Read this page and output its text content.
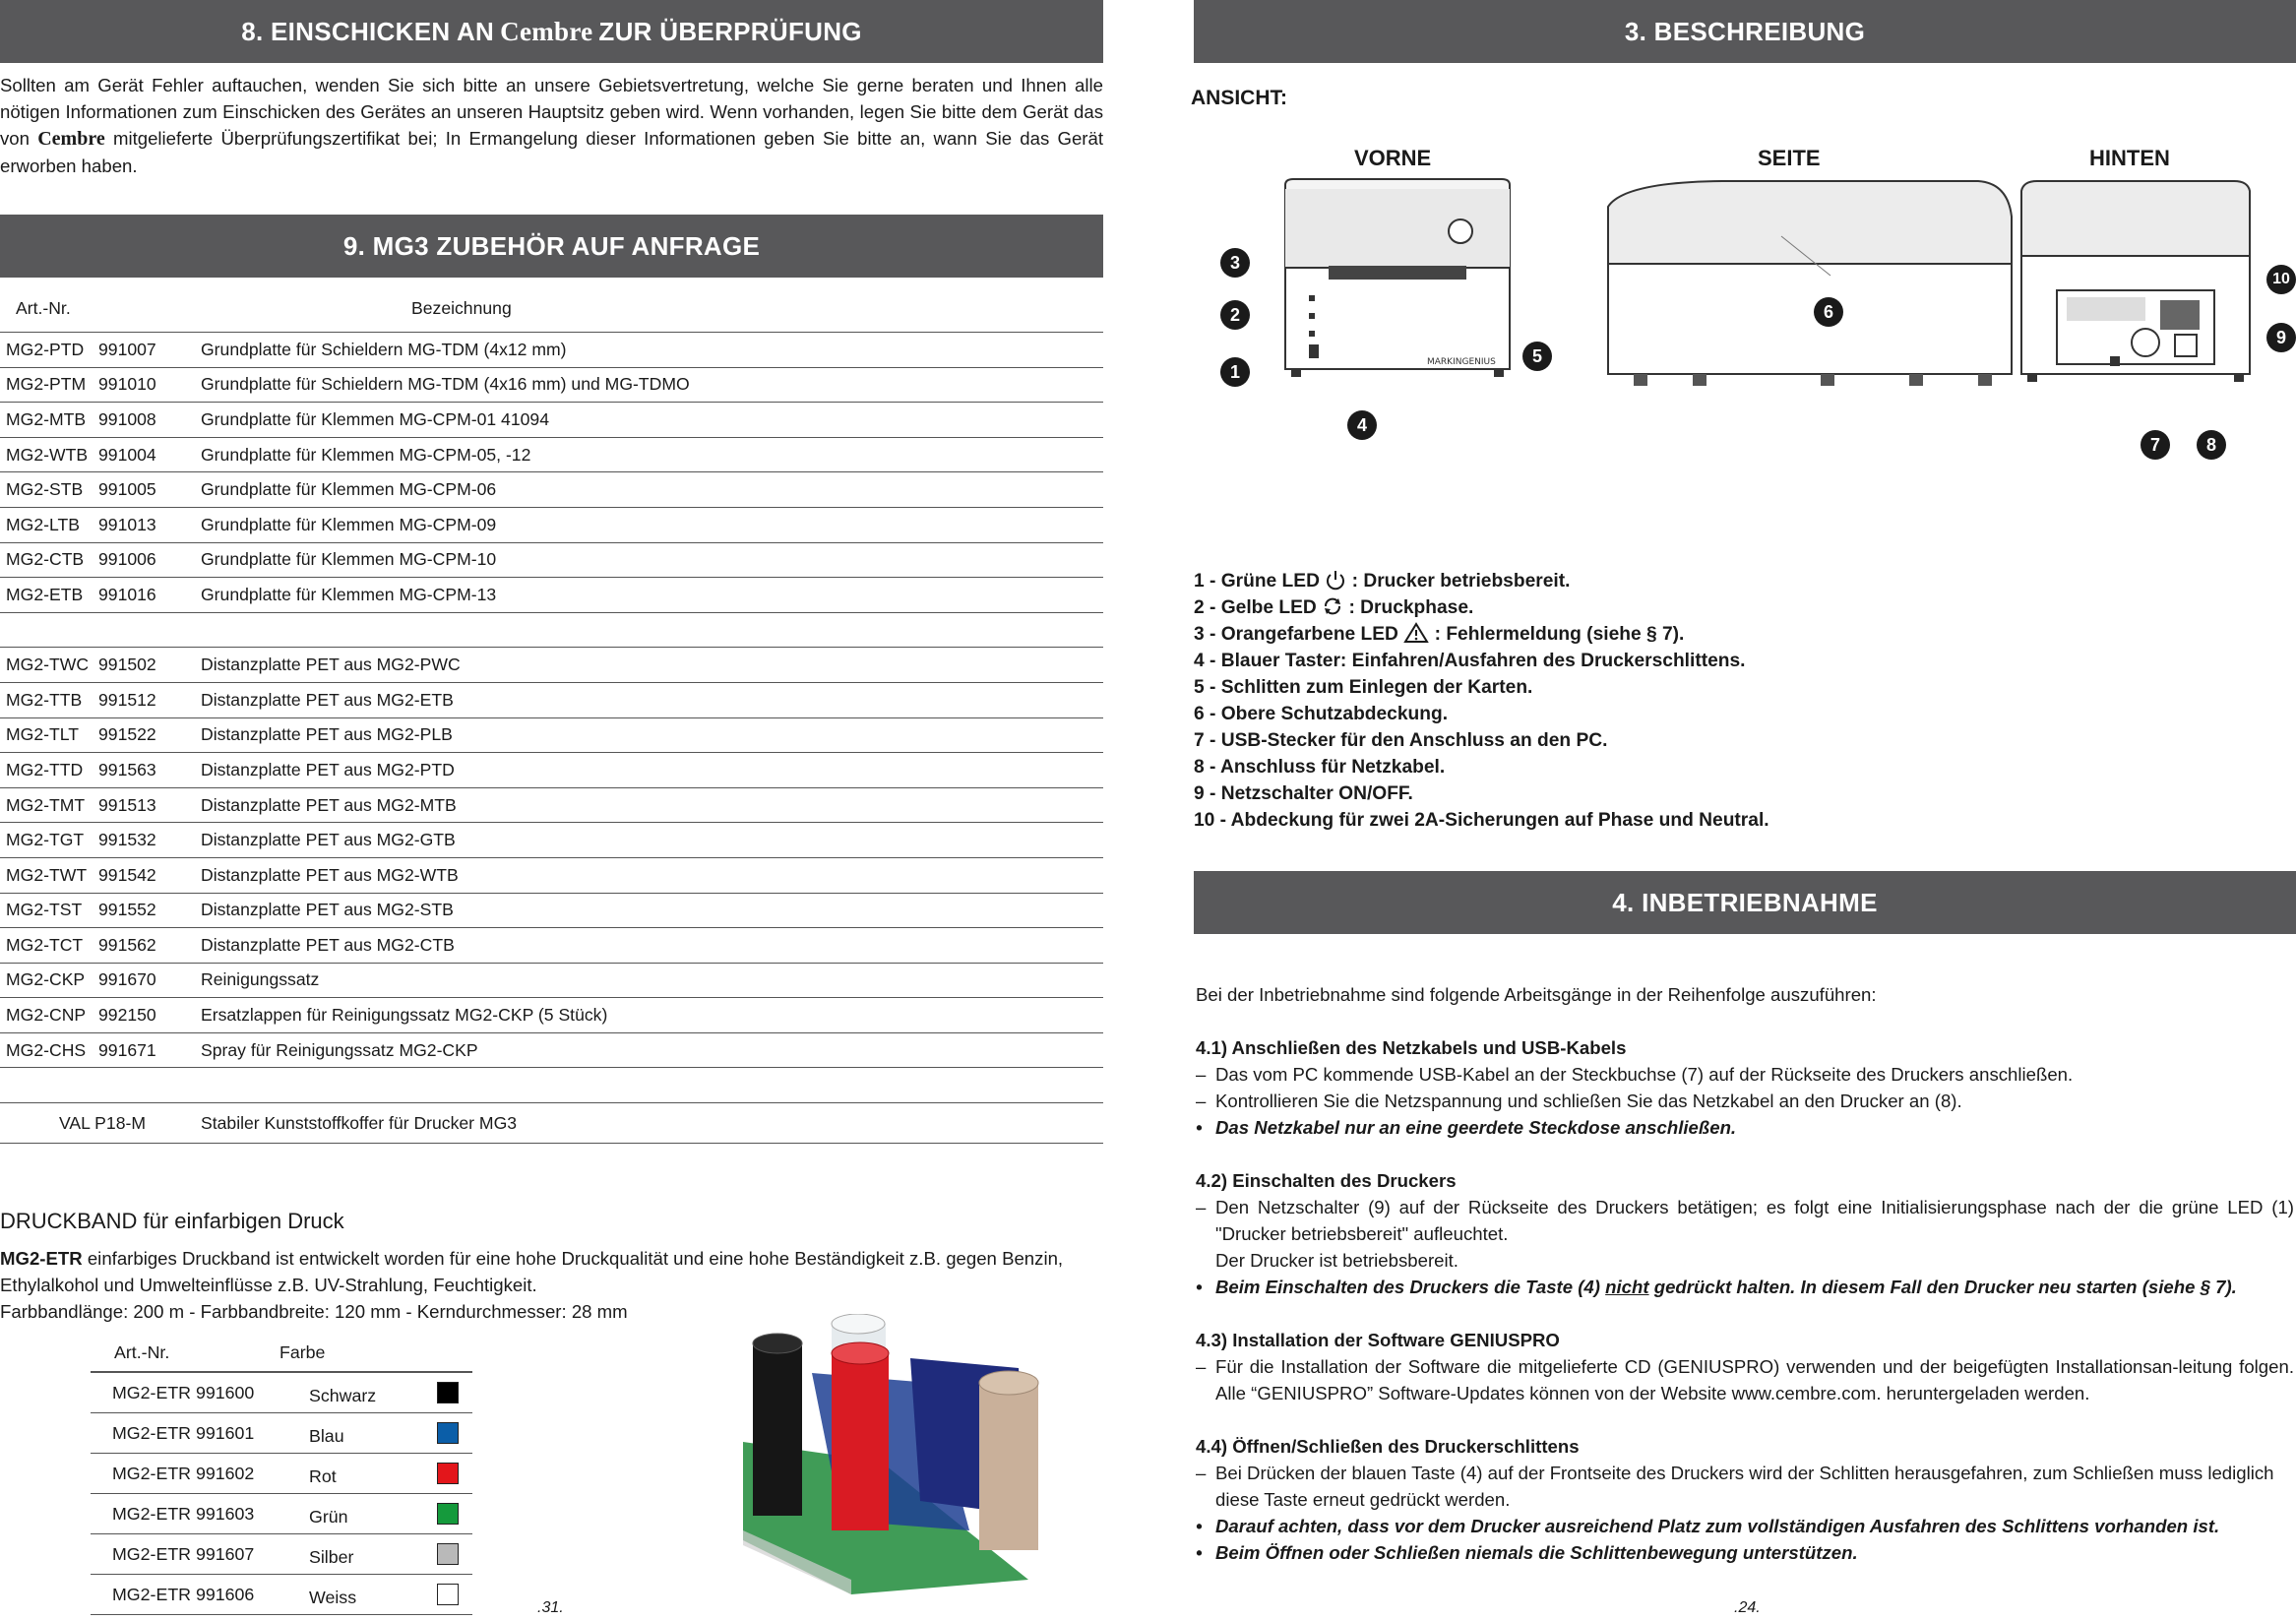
8. EINSCHICKEN AN Cembre ZUR ÜBERPRÜFUNG
Sollten am Gerät Fehler auftauchen, wenden Sie sich bitte an unsere Gebietsvertretung, welche Sie gerne beraten und Ihnen alle nötigen Informationen zum Einschicken des Gerätes an unseren Hauptsitz geben wird. Wenn vorhanden, legen Sie bitte dem Gerät das von Cembre mitgelieferte Überprüfungszertifikat bei; In Ermangelung dieser Informationen geben Sie bitte an, wann Sie das Gerät erworben haben.
9. MG3 ZUBEHÖR AUF ANFRAGE
Art.-Nr.	Bezeichnung
MG2-PTD 991007	Grundplatte für Schieldern MG-TDM (4x12 mm)
MG2-PTM 991010	Grundplatte für Schieldern MG-TDM (4x16 mm) und MG-TDMO
MG2-MTB 991008	Grundplatte für Klemmen MG-CPM-01 41094
MG2-WTB 991004	Grundplatte für Klemmen MG-CPM-05, -12
MG2-STB 991005	Grundplatte für Klemmen MG-CPM-06
MG2-LTB	991013	Grundplatte für Klemmen MG-CPM-09
MG2-CTB 991006	Grundplatte für Klemmen MG-CPM-10
MG2-ETB 991016	Grundplatte für Klemmen MG-CPM-13
MG2-TWC 991502	Distanzplatte PET aus MG2-PWC
MG2-TTB 991512	Distanzplatte PET aus MG2-ETB
MG2-TLT	991522	Distanzplatte PET aus MG2-PLB
MG2-TTD 991563	Distanzplatte PET aus MG2-PTD
MG2-TMT 991513	Distanzplatte PET aus MG2-MTB
MG2-TGT 991532	Distanzplatte PET aus MG2-GTB
MG2-TWT 991542	Distanzplatte PET aus MG2-WTB
MG2-TST 991552	Distanzplatte PET aus MG2-STB
MG2-TCT 991562	Distanzplatte PET aus MG2-CTB
MG2-CKP 991670	Reinigungssatz
MG2-CNP 992150	Ersatzlappen für Reinigungssatz MG2-CKP (5 Stück)
MG2-CHS 991671	Spray für Reinigungssatz MG2-CKP
VAL P18-M	Stabiler Kunststoffkoffer für Drucker MG3
DRUCKBAND für einfarbigen Druck
MG2-ETR einfarbiges Druckband ist entwickelt worden für eine hohe Druckqualität und eine hohe Beständigkeit z.B. gegen Benzin, Ethylalkohol und Umwelteinflüsse z.B. UV-Strahlung, Feuchtigkeit.
Farbbandlänge: 200 m - Farbbandbreite: 120 mm - Kerndurchmesser: 28 mm
Art.-Nr.	Farbe
MG2-ETR 991600	Schwarz
MG2-ETR 991601	Blau
MG2-ETR 991602	Rot
MG2-ETR 991603	Grün
MG2-ETR 991607	Silber
MG2-ETR 991606	Weiss
.31.
3. BESCHREIBUNG
ANSICHT:
VORNE	SEITE	HINTEN
MARKINGENIUS
3
2
1
4
5
6
7	8
9
10
1 - Grüne LED : Drucker betriebsbereit.
2 - Gelbe LED : Druckphase.
3 - Orangefarbene LED  : Fehlermeldung (siehe § 7).
4 - Blauer Taster: Einfahren/Ausfahren des Druckerschlittens.
5 - Schlitten zum Einlegen der Karten.
6 - Obere Schutzabdeckung.
7 - USB-Stecker für den Anschluss an den PC.
8 - Anschluss für Netzkabel.
9 - Netzschalter ON/OFF.
10 - Abdeckung für zwei 2A-Sicherungen auf Phase und Neutral.
4. INBETRIEBNAHME
Bei der Inbetriebnahme sind folgende Arbeitsgänge in der Reihenfolge auszuführen:
4.1) Anschließen des Netzkabels und USB-Kabels
– Das vom PC kommende USB-Kabel an der Steckbuchse (7) auf der Rückseite des Druckers anschließen.
– Kontrollieren Sie die Netzspannung und schließen Sie das Netzkabel an den Drucker an (8).
• Das Netzkabel nur an eine geerdete Steckdose anschließen.
4.2) Einschalten des Druckers
– Den Netzschalter (9) auf der Rückseite des Druckers betätigen; es folgt eine Initialisierungsphase nach der die grüne LED (1) "Drucker betriebsbereit" aufleuchtet.
Der Drucker ist betriebsbereit.
• Beim Einschalten des Druckers die Taste (4) nicht gedrückt halten. In diesem Fall den Drucker neu starten (siehe § 7).
4.3) Installation der Software GENIUSPRO
– Für die Installation der Software die mitgelieferte CD (GENIUSPRO) verwenden und der beigefügten Installationsan-leitung folgen. Alle “GENIUSPRO” Software-Updates können von der Website www.cembre.com. heruntergeladen werden.
4.4) Öffnen/Schließen des Druckerschlittens
– Bei Drücken der blauen Taste (4) auf der Frontseite des Druckers wird der Schlitten herausgefahren, zum Schließen muss lediglich diese Taste erneut gedrückt werden.
• Darauf achten, dass vor dem Drucker ausreichend Platz zum vollständigen Ausfahren des Schlittens vorhanden ist.
• Beim Öffnen oder Schließen niemals die Schlittenbewegung unterstützen.
.24.
